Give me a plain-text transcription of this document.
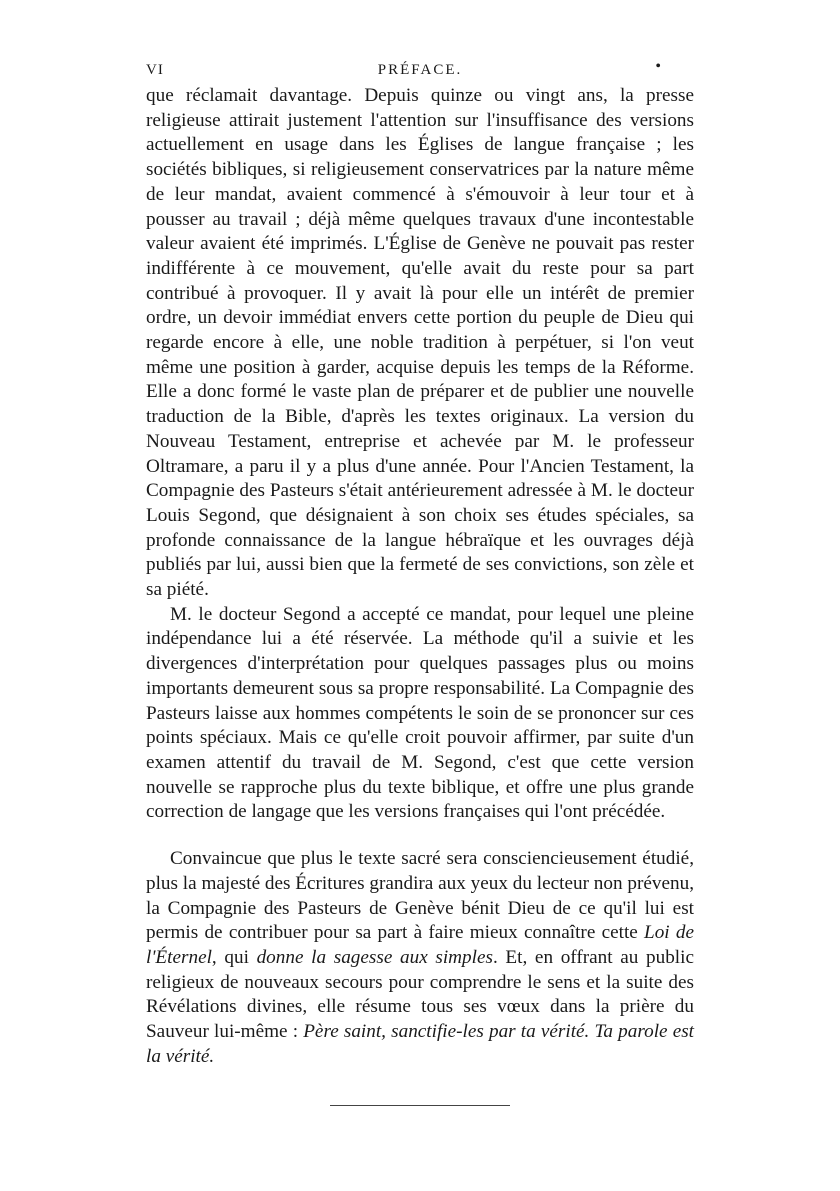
VI	PRÉFACE.	•

que réclamait davantage. Depuis quinze ou vingt ans, la presse religieuse attirait justement l'attention sur l'insuffisance des versions actuellement en usage dans les Églises de langue française ; les sociétés bibliques, si religieusement conservatrices par la nature même de leur mandat, avaient commencé à s'émouvoir à leur tour et à pousser au travail ; déjà même quelques travaux d'une incontestable valeur avaient été imprimés. L'Église de Genève ne pouvait pas rester indifférente à ce mouvement, qu'elle avait du reste pour sa part contribué à provoquer. Il y avait là pour elle un intérêt de premier ordre, un devoir immédiat envers cette portion du peuple de Dieu qui regarde encore à elle, une noble tradition à perpétuer, si l'on veut même une position à garder, acquise depuis les temps de la Réforme. Elle a donc formé le vaste plan de préparer et de publier une nouvelle traduction de la Bible, d'après les textes originaux. La version du Nouveau Testament, entreprise et achevée par M. le professeur Oltramare, a paru il y a plus d'une année. Pour l'Ancien Testament, la Compagnie des Pasteurs s'était antérieurement adressée à M. le docteur Louis Segond, que désignaient à son choix ses études spéciales, sa profonde connaissance de la langue hébraïque et les ouvrages déjà publiés par lui, aussi bien que la fermeté de ses convictions, son zèle et sa piété.

M. le docteur Segond a accepté ce mandat, pour lequel une pleine indépendance lui a été réservée. La méthode qu'il a suivie et les divergences d'interprétation pour quelques passages plus ou moins importants demeurent sous sa propre responsabilité. La Compagnie des Pasteurs laisse aux hommes compétents le soin de se prononcer sur ces points spéciaux. Mais ce qu'elle croit pouvoir affirmer, par suite d'un examen attentif du travail de M. Segond, c'est que cette version nouvelle se rapproche plus du texte biblique, et offre une plus grande correction de langage que les versions françaises qui l'ont précédée.

Convaincue que plus le texte sacré sera consciencieusement étudié, plus la majesté des Écritures grandira aux yeux du lecteur non prévenu, la Compagnie des Pasteurs de Genève bénit Dieu de ce qu'il lui est permis de contribuer pour sa part à faire mieux connaître cette Loi de l'Éternel, qui donne la sagesse aux simples. Et, en offrant au public religieux de nouveaux secours pour comprendre le sens et la suite des Révélations divines, elle résume tous ses vœux dans la prière du Sauveur lui-même : Père saint, sanctifie-les par ta vérité. Ta parole est la vérité.
